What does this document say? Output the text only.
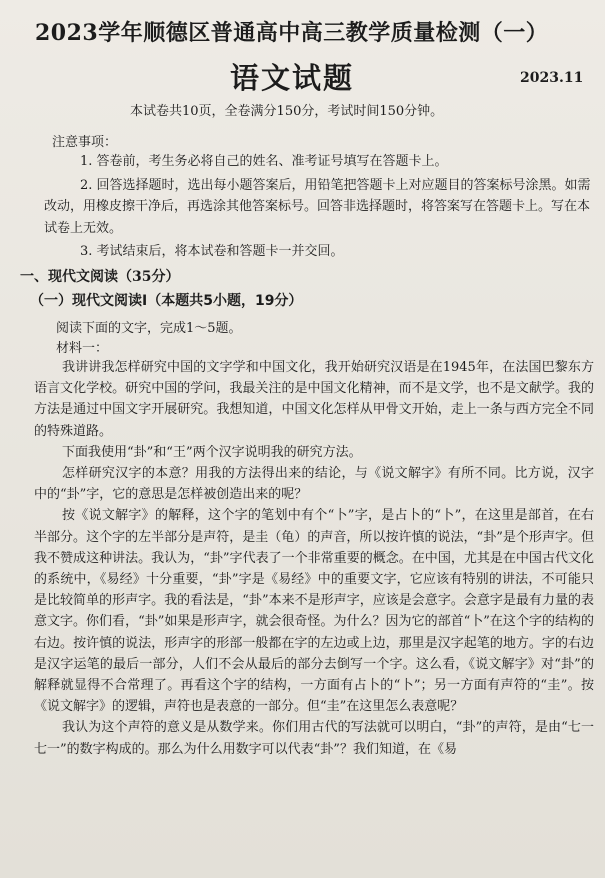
2023学年顺德区普通高中高三教学质量检测（一）
语文试题	2023.11
本试卷共10页，全卷满分150分，考试时间150分钟。
注意事项：

1. 答卷前，考生务必将自己的姓名、准考证号填写在答题卡上。

2. 回答选择题时，选出每小题答案后，用铅笔把答题卡上对应题目的答案标号涂黑。如需改动，用橡皮擦干净后，再选涂其他答案标号。回答非选择题时，将答案写在答题卡上。写在本试卷上无效。

3. 考试结束后，将本试卷和答题卡一并交回。

一、现代文阅读（35分）
（一）现代文阅读Ⅰ（本题共5小题，19分）
阅读下面的文字，完成1～5题。
材料一：

我讲讲我怎样研究中国的文字学和中国文化，我开始研究汉语是在1945年，在法国巴黎东方语言文化学校。研究中国的学问，我最关注的是中国文化精神，而不是文学，也不是文献学。我的方法是通过中国文字开展研究。我想知道，中国文化怎样从甲骨文开始，走上一条与西方完全不同的特殊道路。

下面我使用“卦”和“王”两个汉字说明我的研究方法。

怎样研究汉字的本意？用我的方法得出来的结论，与《说文解字》有所不同。比方说，汉字中的“卦”字，它的意思是怎样被创造出来的呢？

按《说文解字》的解释，这个字的笔划中有个“卜”字，是占卜的“卜”，在这里是部首，在右半部分。这个字的左半部分是声符，是圭（龟）的声音，所以按许慎的说法，“卦”是个形声字。但我不赞成这种讲法。我认为，“卦”字代表了一个非常重要的概念。在中国，尤其是在中国古代文化的系统中，《易经》十分重要，“卦”字是《易经》中的重要文字，它应该有特别的讲法，不可能只是比较简单的形声字。我的看法是，“卦”本来不是形声字，应该是会意字。会意字是最有力量的表意文字。你们看，“卦”如果是形声字，就会很奇怪。为什么？因为它的部首“卜”在这个字的结构的右边。按许慎的说法，形声字的形部一般都在字的左边或上边，那里是汉字起笔的地方。字的右边是汉字运笔的最后一部分，人们不会从最后的部分去倒写一个字。这么看，《说文解字》对“卦”的解释就显得不合常理了。再看这个字的结构，一方面有占卜的“卜”；另一方面有声符的“圭”。按《说文解字》的逻辑，声符也是表意的一部分。但“圭”在这里怎么表意呢？

我认为这个声符的意义是从数学来。你们用古代的写法就可以明白，“卦”的声符，是由“七一七一”的数字构成的。那么为什么用数字可以代表“卦”？我们知道，在《易
